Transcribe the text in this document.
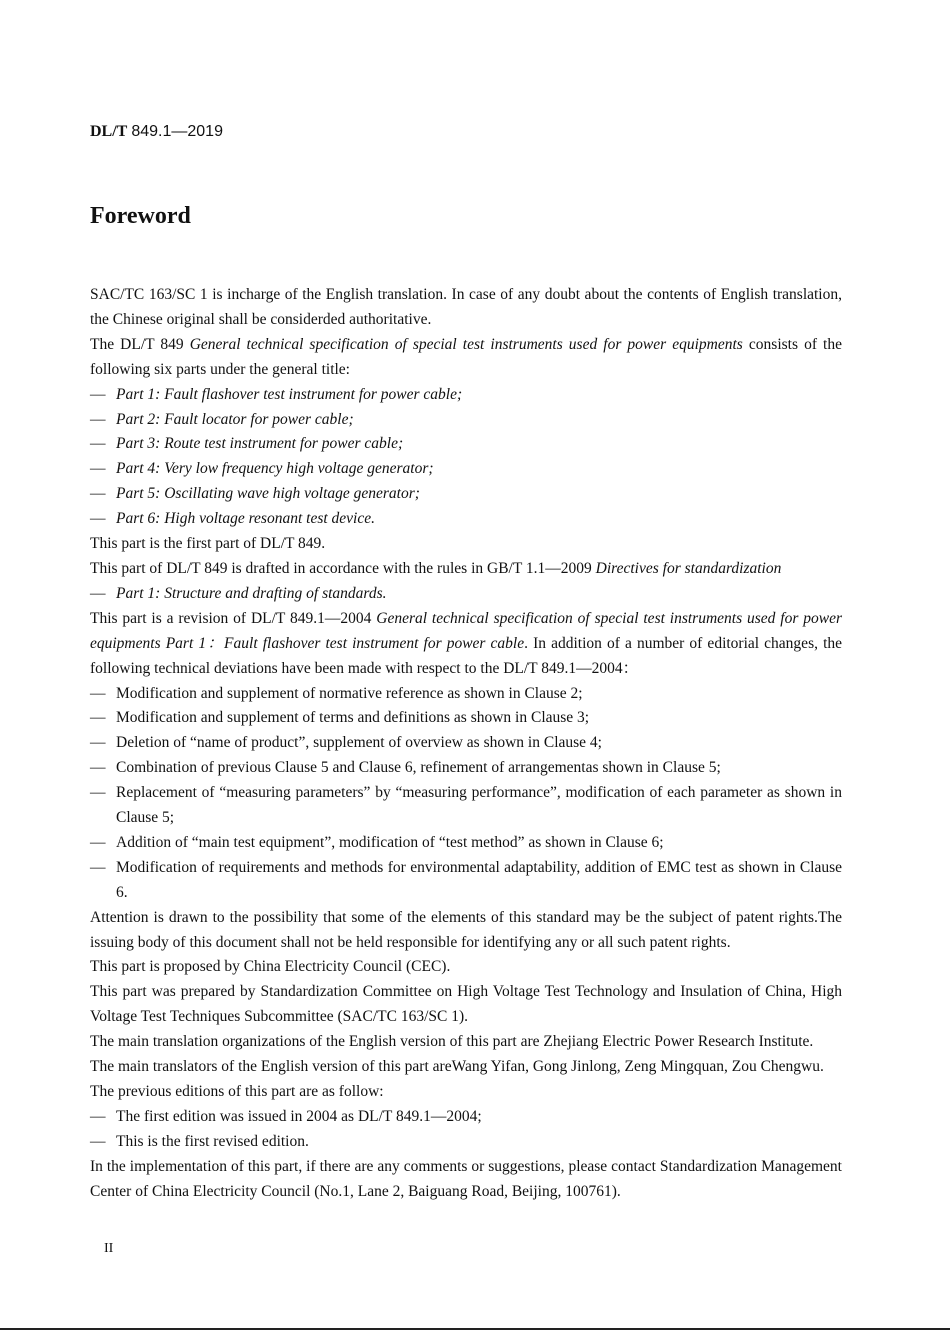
DL/T 849.1—2019
Foreword

SAC/TC 163/SC 1 is incharge of the English translation. In case of any doubt about the contents of English translation, the Chinese original shall be considerded authoritative.

The DL/T 849 General technical specification of special test instruments used for power equipments consists of the following six parts under the general title:

— Part 1: Fault flashover test instrument for power cable;

— Part 2: Fault locator for power cable;

— Part 3: Route test instrument for power cable;

— Part 4: Very low frequency high voltage generator;

— Part 5: Oscillating wave high voltage generator;

— Part 6: High voltage resonant test device.

This part is the first part of DL/T 849.

This part of DL/T 849 is drafted in accordance with the rules in GB/T 1.1—2009 Directives for standardization

— Part 1: Structure and drafting of standards.

This part is a revision of DL/T 849.1—2004 General technical specification of special test instruments used for power equipments Part 1：Fault flashover test instrument for power cable. In addition of a number of editorial changes, the following technical deviations have been made with respect to the DL/T 849.1—2004：

— Modification and supplement of normative reference as shown in Clause 2;

— Modification and supplement of terms and definitions as shown in Clause 3;

— Deletion of “name of product”, supplement of overview as shown in Clause 4;

— Combination of previous Clause 5 and Clause 6, refinement of arrangementas shown in Clause 5;

— Replacement of “measuring parameters” by “measuring performance”, modification of each parameter as shown in Clause 5;

— Addition of “main test equipment”, modification of “test method” as shown in Clause 6;

— Modification of requirements and methods for environmental adaptability, addition of EMC test as shown in Clause 6.

Attention is drawn to the possibility that some of the elements of this standard may be the subject of patent rights.The issuing body of this document shall not be held responsible for identifying any or all such patent rights.

This part is proposed by China Electricity Council (CEC).

This part was prepared by Standardization Committee on High Voltage Test Technology and Insulation of China, High Voltage Test Techniques Subcommittee (SAC/TC 163/SC 1).

The main translation organizations of the English version of this part are Zhejiang Electric Power Research Institute.

The main translators of the English version of this part areWang Yifan, Gong Jinlong, Zeng Mingquan, Zou Chengwu.

The previous editions of this part are as follow:

— The first edition was issued in 2004 as DL/T 849.1—2004;

— This is the first revised edition.

In the implementation of this part, if there are any comments or suggestions, please contact Standardization Management Center of China Electricity Council (No.1, Lane 2, Baiguang Road, Beijing, 100761).

II
